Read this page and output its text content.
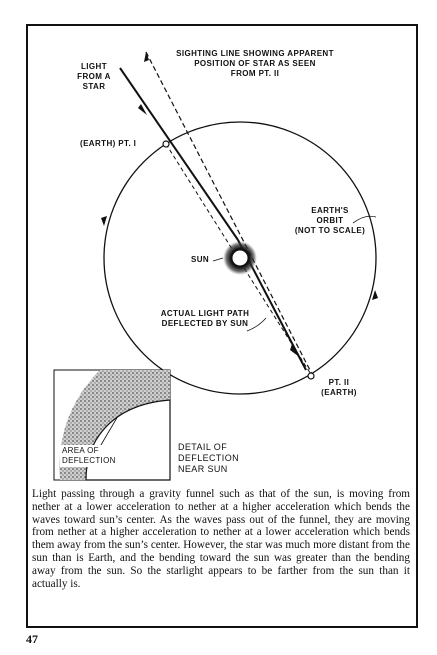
LIGHT
FROM A
STAR
SIGHTING LINE SHOWING APPARENT
POSITION OF STAR AS SEEN
FROM PT. II
(EARTH) PT. I
EARTH'S
ORBIT
(NOT TO SCALE)
SUN
ACTUAL LIGHT PATH
DEFLECTED BY SUN
PT. II
(EARTH)
AREA OF
DEFLECTION
DETAIL OF
DEFLECTION
NEAR SUN
Light passing through a gravity funnel such as that of the sun, is moving from nether at a lower acceleration to nether at a higher acceleration which bends the waves toward sun’s center. As the waves pass out of the funnel, they are moving from nether at a higher acceleration to nether at a lower acceleration which bends them away from the sun’s center. However, the star was much more distant from the sun than is Earth, and the bending toward the sun was greater than the bending away from the sun. So the starlight appears to be farther from the sun than it actually is.
47
